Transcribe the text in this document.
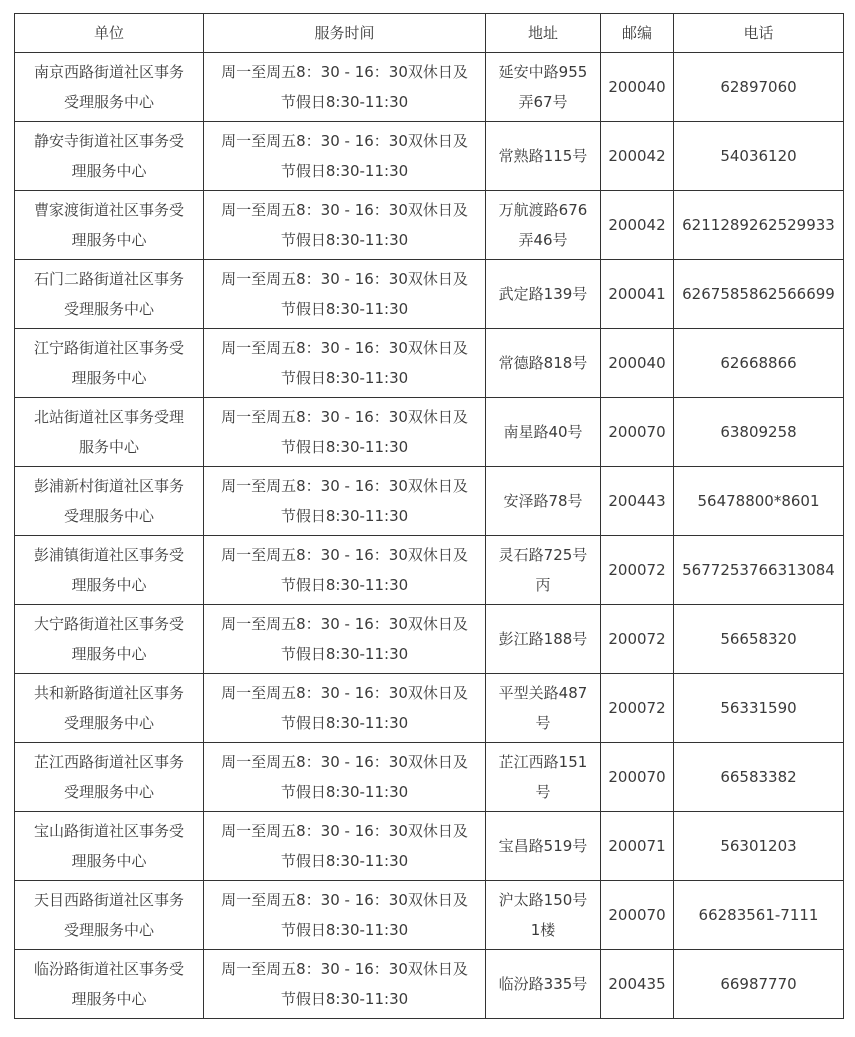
单位	服务时间	地址	邮编	电话

南京西路街道社区事务
受理服务中心	周一至周五8：30 - 16：30双休日及
节假日8:30-11:30	延安中路955
弄67号	200040	62897060

静安寺街道社区事务受
理服务中心	周一至周五8：30 - 16：30双休日及
节假日8:30-11:30	常熟路115号	200042	54036120

曹家渡街道社区事务受
理服务中心	周一至周五8：30 - 16：30双休日及
节假日8:30-11:30	万航渡路676
弄46号	200042	6211289262529933

石门二路街道社区事务
受理服务中心	周一至周五8：30 - 16：30双休日及
节假日8:30-11:30	武定路139号	200041	6267585862566699

江宁路街道社区事务受
理服务中心	周一至周五8：30 - 16：30双休日及
节假日8:30-11:30	常德路818号	200040	62668866

北站街道社区事务受理
服务中心	周一至周五8：30 - 16：30双休日及
节假日8:30-11:30	南星路40号	200070	63809258

彭浦新村街道社区事务
受理服务中心	周一至周五8：30 - 16：30双休日及
节假日8:30-11:30	安泽路78号	200443	56478800*8601

彭浦镇街道社区事务受
理服务中心	周一至周五8：30 - 16：30双休日及
节假日8:30-11:30	灵石路725号
丙	200072	5677253766313084

大宁路街道社区事务受
理服务中心	周一至周五8：30 - 16：30双休日及
节假日8:30-11:30	彭江路188号	200072	56658320

共和新路街道社区事务
受理服务中心	周一至周五8：30 - 16：30双休日及
节假日8:30-11:30	平型关路487
号	200072	56331590

芷江西路街道社区事务
受理服务中心	周一至周五8：30 - 16：30双休日及
节假日8:30-11:30	芷江西路151
号	200070	66583382

宝山路街道社区事务受
理服务中心	周一至周五8：30 - 16：30双休日及
节假日8:30-11:30	宝昌路519号	200071	56301203

天目西路街道社区事务
受理服务中心	周一至周五8：30 - 16：30双休日及
节假日8:30-11:30	沪太路150号
1楼	200070	66283561-7111

临汾路街道社区事务受
理服务中心	周一至周五8：30 - 16：30双休日及
节假日8:30-11:30	临汾路335号	200435	66987770
